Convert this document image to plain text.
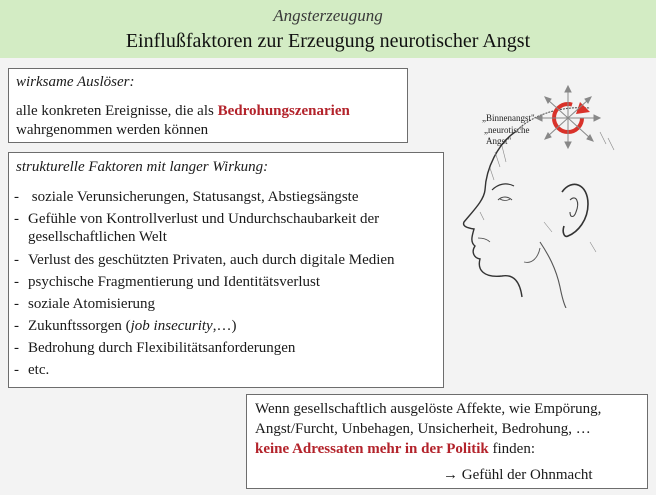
Angsterzeugung
Einflußfaktoren zur Erzeugung neurotischer Angst
wirksame Auslöser:
alle konkreten Ereignisse, die als Bedrohungszenarien
wahrgenommen werden können
strukturelle Faktoren mit langer Wirkung:
- soziale Verunsicherungen, Statusangst, Abstiegsängste
- Gefühle von Kontrollverlust und Undurchschaubarkeit der
gesellschaftlichen Welt
- Verlust des geschützten Privaten, auch durch digitale Medien
- psychische Fragmentierung und Identitätsverlust
- soziale Atomisierung
- Zukunftssorgen (job insecurity,…)
- Bedrohung durch Flexibilitätsanforderungen
- etc.
„Binnenangst"
„neurotische
Angst"
Wenn gesellschaftlich ausgelöste Affekte, wie Empörung,
Angst/Furcht, Unbehagen, Unsicherheit, Bedrohung, …
keine Adressaten mehr in der Politik finden:
→ Gefühl der Ohnmacht
